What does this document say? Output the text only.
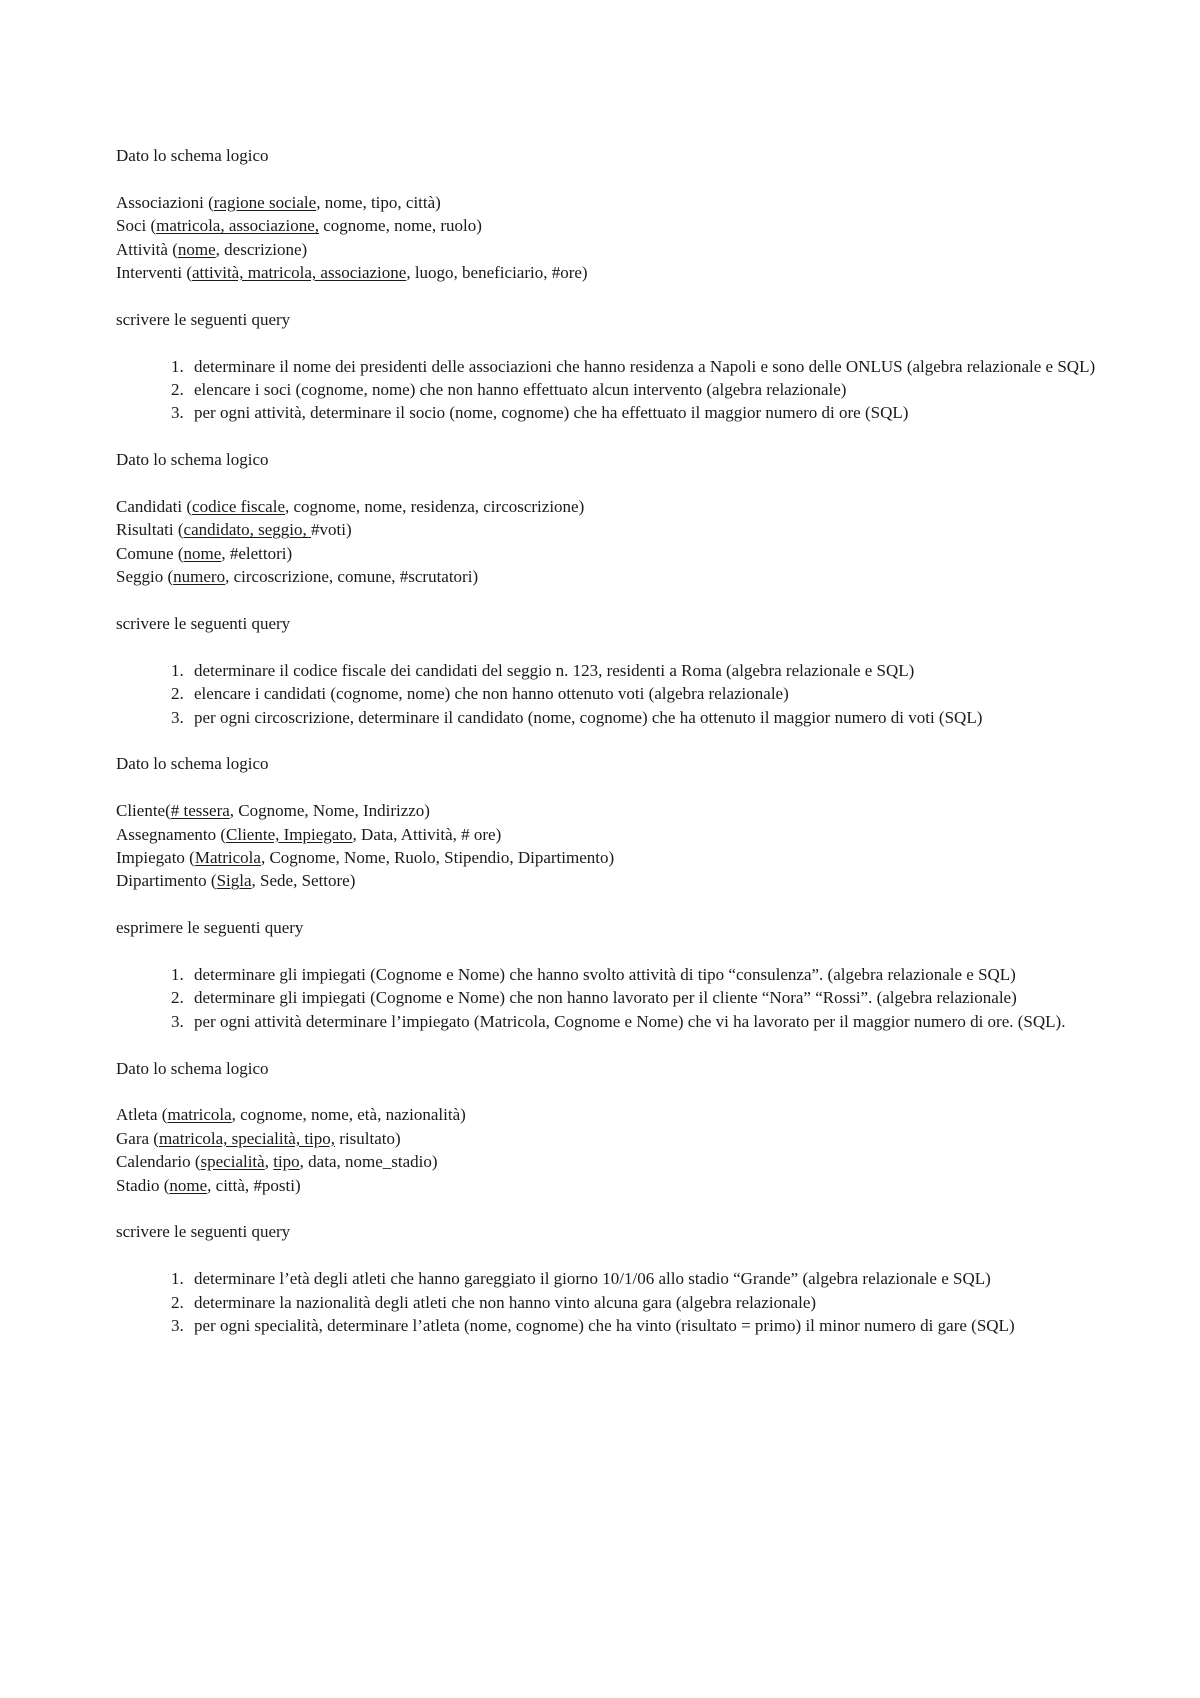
Dato lo schema logico

Associazioni (ragione sociale, nome, tipo, città)

Soci (matricola, associazione, cognome, nome, ruolo)

Attività (nome, descrizione)

Interventi (attività, matricola, associazione, luogo, beneficiario, #ore)

scrivere le seguenti query

1. determinare il nome dei presidenti delle associazioni che hanno residenza a Napoli e sono delle ONLUS (algebra relazionale e SQL)
2. elencare i soci (cognome, nome) che non hanno effettuato alcun intervento (algebra relazionale)
3. per ogni attività, determinare il socio (nome, cognome) che ha effettuato il maggior numero di ore (SQL)

Dato lo schema logico

Candidati (codice fiscale, cognome, nome, residenza, circoscrizione)

Risultati (candidato, seggio, #voti)

Comune (nome, #elettori)

Seggio (numero, circoscrizione, comune, #scrutatori)

scrivere le seguenti query

1. determinare il codice fiscale dei candidati del seggio n. 123, residenti a Roma (algebra relazionale e SQL)
2. elencare i candidati (cognome, nome) che non hanno ottenuto voti (algebra relazionale)
3. per ogni circoscrizione, determinare il candidato (nome, cognome) che ha ottenuto il maggior numero di voti (SQL)

Dato lo schema logico

Cliente(# tessera, Cognome, Nome, Indirizzo)

Assegnamento (Cliente, Impiegato, Data, Attività, # ore)

Impiegato (Matricola, Cognome, Nome, Ruolo, Stipendio, Dipartimento)

Dipartimento (Sigla, Sede, Settore)

esprimere le seguenti query

1. determinare gli impiegati (Cognome e Nome) che hanno svolto attività di tipo “consulenza”. (algebra relazionale e SQL)
2. determinare gli impiegati (Cognome e Nome) che non hanno lavorato per il cliente “Nora” “Rossi”. (algebra relazionale)
3. per ogni attività determinare l’impiegato (Matricola, Cognome e Nome) che vi ha lavorato per il maggior numero di ore. (SQL).

Dato lo schema logico

Atleta (matricola, cognome, nome, età, nazionalità)

Gara (matricola, specialità, tipo, risultato)

Calendario (specialità, tipo, data, nome_stadio)

Stadio (nome, città, #posti)

scrivere le seguenti query

1. determinare l’età degli atleti che hanno gareggiato il giorno 10/1/06 allo stadio “Grande” (algebra relazionale e SQL)
2. determinare la nazionalità degli atleti che non hanno vinto alcuna gara (algebra relazionale)
3. per ogni specialità, determinare l’atleta (nome, cognome) che ha vinto (risultato = primo) il minor numero di gare (SQL)
